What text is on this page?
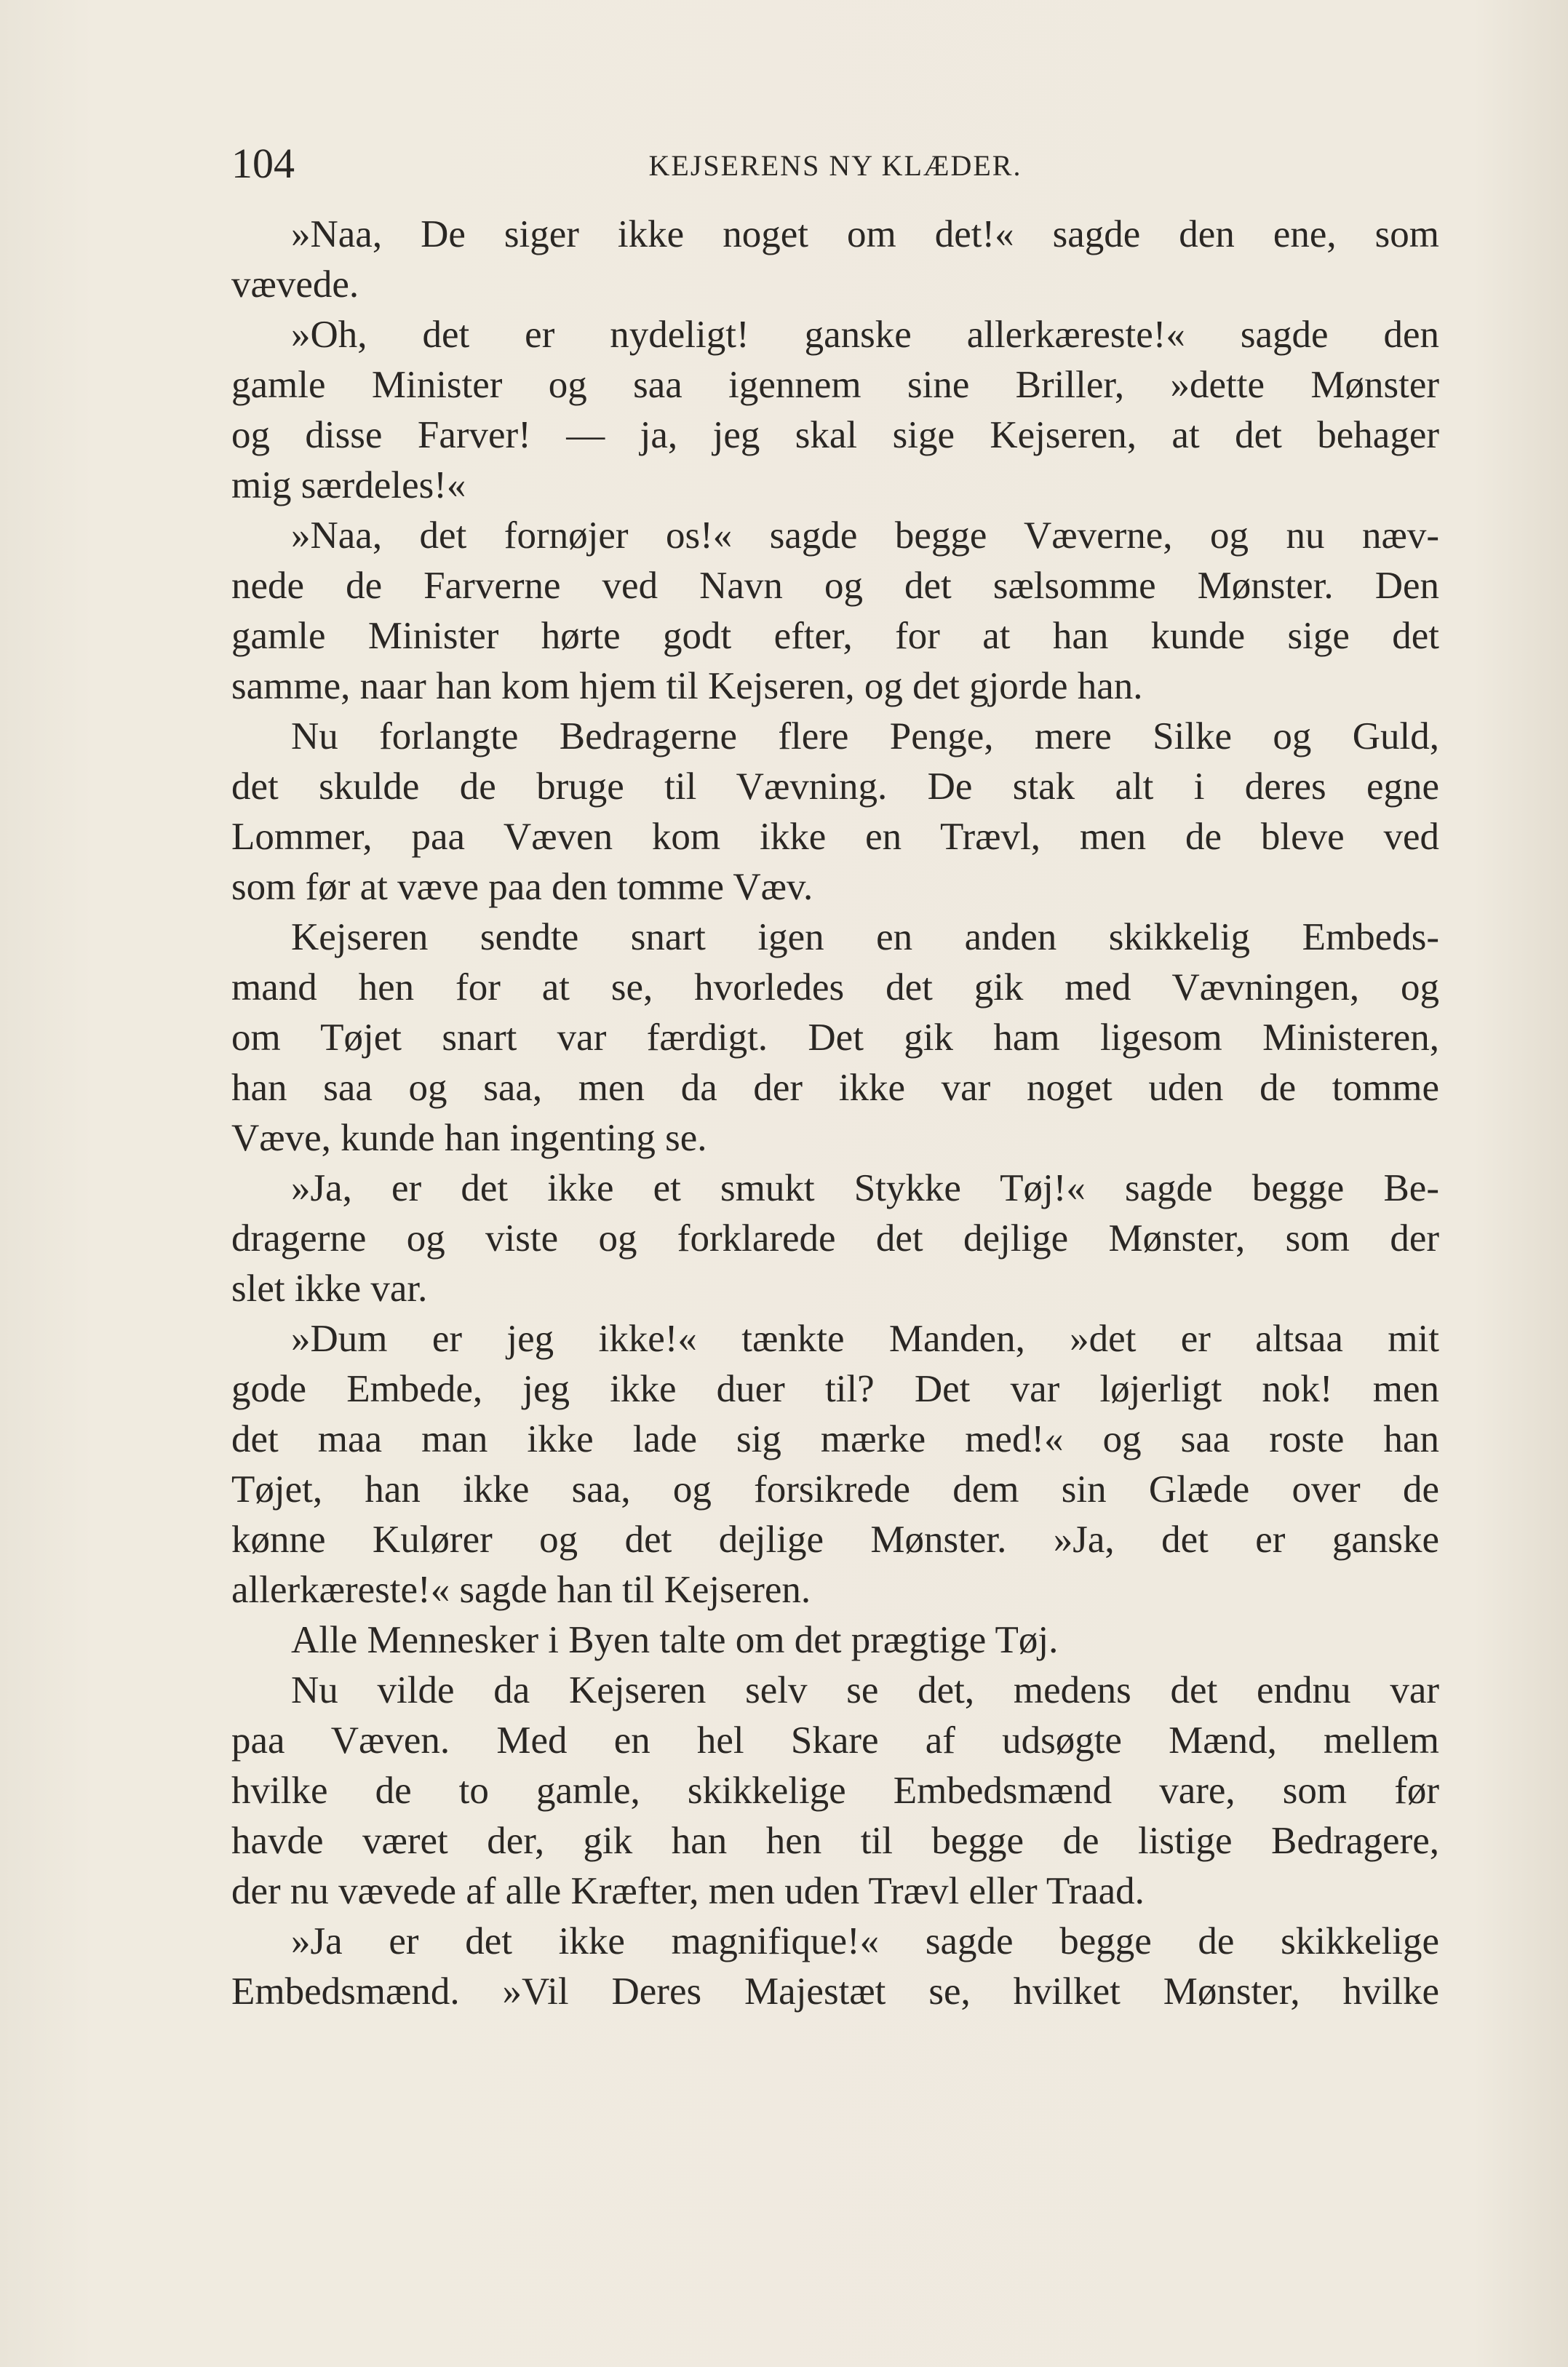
104	KEJSERENS NY KLÆDER.
»Naa, De siger ikke noget om det!« sagde den ene, som
vævede.
»Oh, det er nydeligt! ganske allerkæreste!« sagde den
gamle Minister og saa igennem sine Briller, »dette Mønster
og disse Farver! — ja, jeg skal sige Kejseren, at det behager
mig særdeles!«
»Naa, det fornøjer os!« sagde begge Væverne, og nu næv-
nede de Farverne ved Navn og det sælsomme Mønster. Den
gamle Minister hørte godt efter, for at han kunde sige det
samme, naar han kom hjem til Kejseren, og det gjorde han.
Nu forlangte Bedragerne flere Penge, mere Silke og Guld,
det skulde de bruge til Vævning. De stak alt i deres egne
Lommer, paa Væven kom ikke en Trævl, men de bleve ved
som før at væve paa den tomme Væv.
Kejseren sendte snart igen en anden skikkelig Embeds-
mand hen for at se, hvorledes det gik med Vævningen, og
om Tøjet snart var færdigt. Det gik ham ligesom Ministeren,
han saa og saa, men da der ikke var noget uden de tomme
Væve, kunde han ingenting se.
»Ja, er det ikke et smukt Stykke Tøj!« sagde begge Be-
dragerne og viste og forklarede det dejlige Mønster, som der
slet ikke var.
»Dum er jeg ikke!« tænkte Manden, »det er altsaa mit
gode Embede, jeg ikke duer til? Det var løjerligt nok! men
det maa man ikke lade sig mærke med!« og saa roste han
Tøjet, han ikke saa, og forsikrede dem sin Glæde over de
kønne Kulører og det dejlige Mønster. »Ja, det er ganske
allerkæreste!« sagde han til Kejseren.
Alle Mennesker i Byen talte om det prægtige Tøj.
Nu vilde da Kejseren selv se det, medens det endnu var
paa Væven. Med en hel Skare af udsøgte Mænd, mellem
hvilke de to gamle, skikkelige Embedsmænd vare, som før
havde været der, gik han hen til begge de listige Bedragere,
der nu vævede af alle Kræfter, men uden Trævl eller Traad.
»Ja er det ikke magnifique!« sagde begge de skikkelige
Embedsmænd. »Vil Deres Majestæt se, hvilket Mønster, hvilke
